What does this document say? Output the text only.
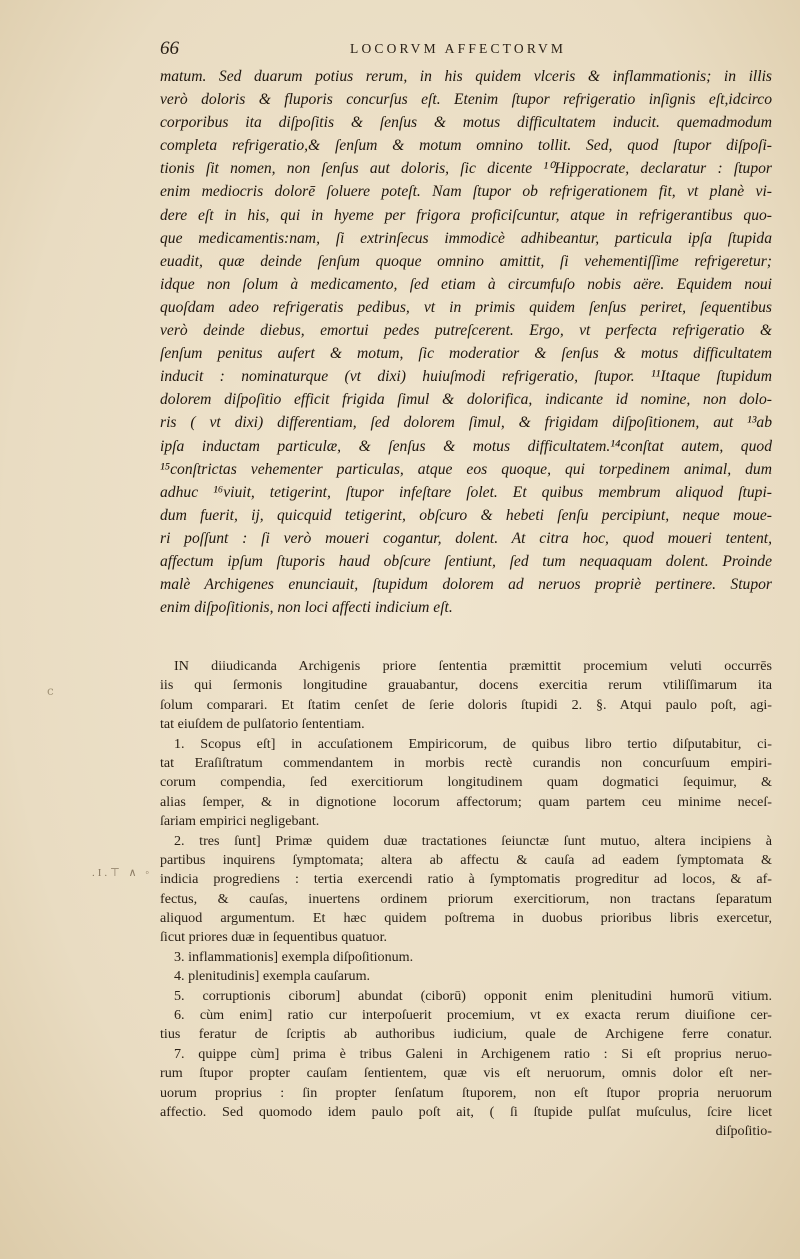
66	LOCORVM AFFECTORVM
c
.I.⊤ ∧ ◦
matum. Sed duarum potius rerum, in his quidem vlceris & inflammationis; in illis
verò doloris & fluporis concurſus eſt. Etenim ſtupor refrigeratio inſignis eſt,idcirco
corporibus ita diſpoſitis & ſenſus & motus difficultatem inducit. quemadmodum
completa refrigeratio,& ſenſum & motum omnino tollit. Sed, quod ſtupor diſpoſi-
tionis ſit nomen, non ſenſus aut doloris, ſic dicente ¹⁰Hippocrate, declaratur : ſtupor
enim mediocris dolorē ſoluere poteſt. Nam ſtupor ob refrigerationem fit, vt planè vi-
dere eſt in his, qui in hyeme per frigora proficiſcuntur, atque in refrigerantibus quo-
que medicamentis:nam, ſi extrinſecus immodicè adhibeantur, particula ipſa ſtupida
euadit, quæ deinde ſenſum quoque omnino amittit, ſi vehementiſſime refrigeretur;
idque non ſolum à medicamento, ſed etiam à circumfuſo nobis aëre. Equidem noui
quoſdam adeo refrigeratis pedibus, vt in primis quidem ſenſus periret, ſequentibus
verò deinde diebus, emortui pedes putreſcerent. Ergo, vt perfecta refrigeratio &
ſenſum penitus aufert & motum, ſic moderatior & ſenſus & motus difficultatem
inducit : nominaturque (vt dixi) huiuſmodi refrigeratio, ſtupor. ¹¹Itaque ſtupidum
dolorem diſpoſitio efficit frigida ſimul & dolorifica, indicante id nomine, non dolo-
ris ( vt dixi) differentiam, ſed dolorem ſimul, & frigidam diſpoſitionem, aut ¹³ab
ipſa inductam particulæ, & ſenſus & motus difficultatem.¹⁴conſtat autem, quod
¹⁵conſtrictas vehementer particulas, atque eos quoque, qui torpedinem animal, dum
adhuc ¹⁶viuit, tetigerint, ſtupor infeſtare ſolet. Et quibus membrum aliquod ſtupi-
dum fuerit, ij, quicquid tetigerint, obſcuro & hebeti ſenſu percipiunt, neque moue-
ri poſſunt : ſi verò moueri cogantur, dolent. At citra hoc, quod moueri tentent,
affectum ipſum ſtuporis haud obſcure ſentiunt, ſed tum nequaquam dolent. Proinde
malè Archigenes enunciauit, ſtupidum dolorem ad neruos propriè pertinere. Stupor
enim diſpoſitionis, non loci affecti indicium eſt.
IN diiudicanda Archigenis priore ſententia præmittit procemium veluti occurrēs
iis qui ſermonis longitudine grauabantur, docens exercitia rerum vtiliſſimarum ita
ſolum comparari. Et ſtatim cenſet de ſerie doloris ſtupidi 2. §. Atqui paulo poſt, agi-
tat eiuſdem de pulſatorio ſententiam.
1. Scopus eſt] in accuſationem Empiricorum, de quibus libro tertio diſputabitur, ci-
tat Eraſiſtratum commendantem in morbis rectè curandis non concurſuum empiri-
corum compendia, ſed exercitiorum longitudinem quam dogmatici ſequimur, &
alias ſemper, & in dignotione locorum affectorum; quam partem ceu minime neceſ-
ſariam empirici negligebant.
2. tres ſunt] Primæ quidem duæ tractationes ſeiunctæ ſunt mutuo, altera incipiens à
partibus inquirens ſymptomata; altera ab affectu & cauſa ad eadem ſymptomata &
indicia progrediens : tertia exercendi ratio à ſymptomatis progreditur ad locos, & af-
fectus, & cauſas, inuertens ordinem priorum exercitiorum, non tractans ſeparatum
aliquod argumentum. Et hæc quidem poſtrema in duobus prioribus libris exercetur,
ſicut priores duæ in ſequentibus quatuor.
3. inflammationis] exempla diſpoſitionum.
4. plenitudinis] exempla cauſarum.
5. corruptionis ciborum] abundat (ciborū) opponit enim plenitudini humorū vitium.
6. cùm enim] ratio cur interpoſuerit procemium, vt ex exacta rerum diuiſione cer-
tius feratur de ſcriptis ab authoribus iudicium, quale de Archigene ferre conatur.
7. quippe cùm] prima è tribus Galeni in Archigenem ratio : Si eſt proprius neruo-
rum ſtupor propter cauſam ſentientem, quæ vis eſt neruorum, omnis dolor eſt ner-
uorum proprius : ſin propter ſenſatum ſtuporem, non eſt ſtupor propria neruorum
affectio. Sed quomodo idem paulo poſt ait, ( ſi ſtupide pulſat muſculus, ſcire licet
diſpoſitio-
